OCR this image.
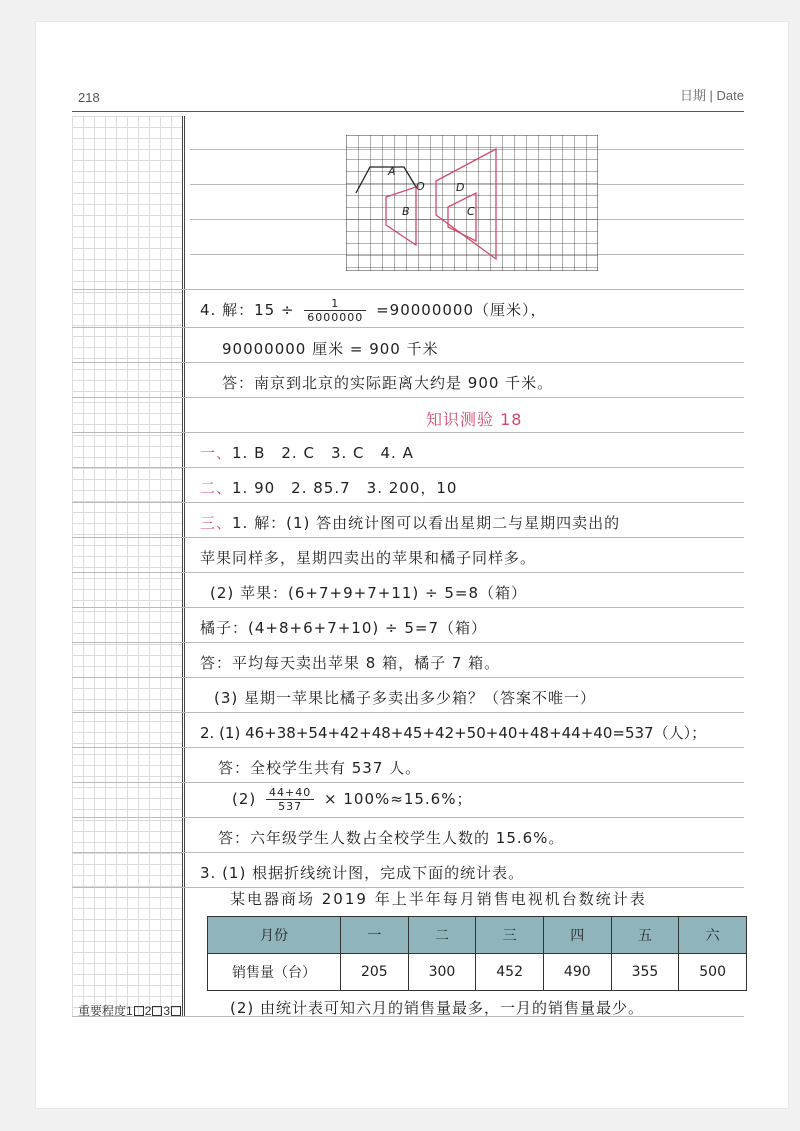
218	日期 | Date
A
B
O	D
C
4. 解：$15 \div \frac{1}{6000000} =90000000$（厘米），
90000000 厘米 = 900 千米
答：南京到北京的实际距离大约是 900 千米。
知识测验 18
一、1. B　2. C　3. C　4. A
二、1. 90　2. 85.7　3. 200，10
三、1. 解：(1) 答由统计图可以看出星期二与星期四卖出的
苹果同样多，星期四卖出的苹果和橘子同样多。
(2) 苹果：(6+7+9+7+11) ÷ 5=8（箱）
橘子：(4+8+6+7+10) ÷ 5=7（箱）
答：平均每天卖出苹果 8 箱，橘子 7 箱。
(3) 星期一苹果比橘子多卖出多少箱？（答案不唯一）
2. (1) 46+38+54+42+48+45+42+50+40+48+44+40=537（人）；
答：全校学生共有 537 人。
$(2) \frac{44+40}{537} \times 100\%\approx 15.6\%$；
答：六年级学生人数占全校学生人数的 15.6%。
3. (1) 根据折线统计图，完成下面的统计表。
某电器商场 2019 年上半年每月销售电视机台数统计表
月份	一	二	三	四	五	六
销售量（台）	205	300	452	490	355	500
(2) 由统计表可知六月的销售量最多，一月的销售量最少。
重要程度1 2 3
